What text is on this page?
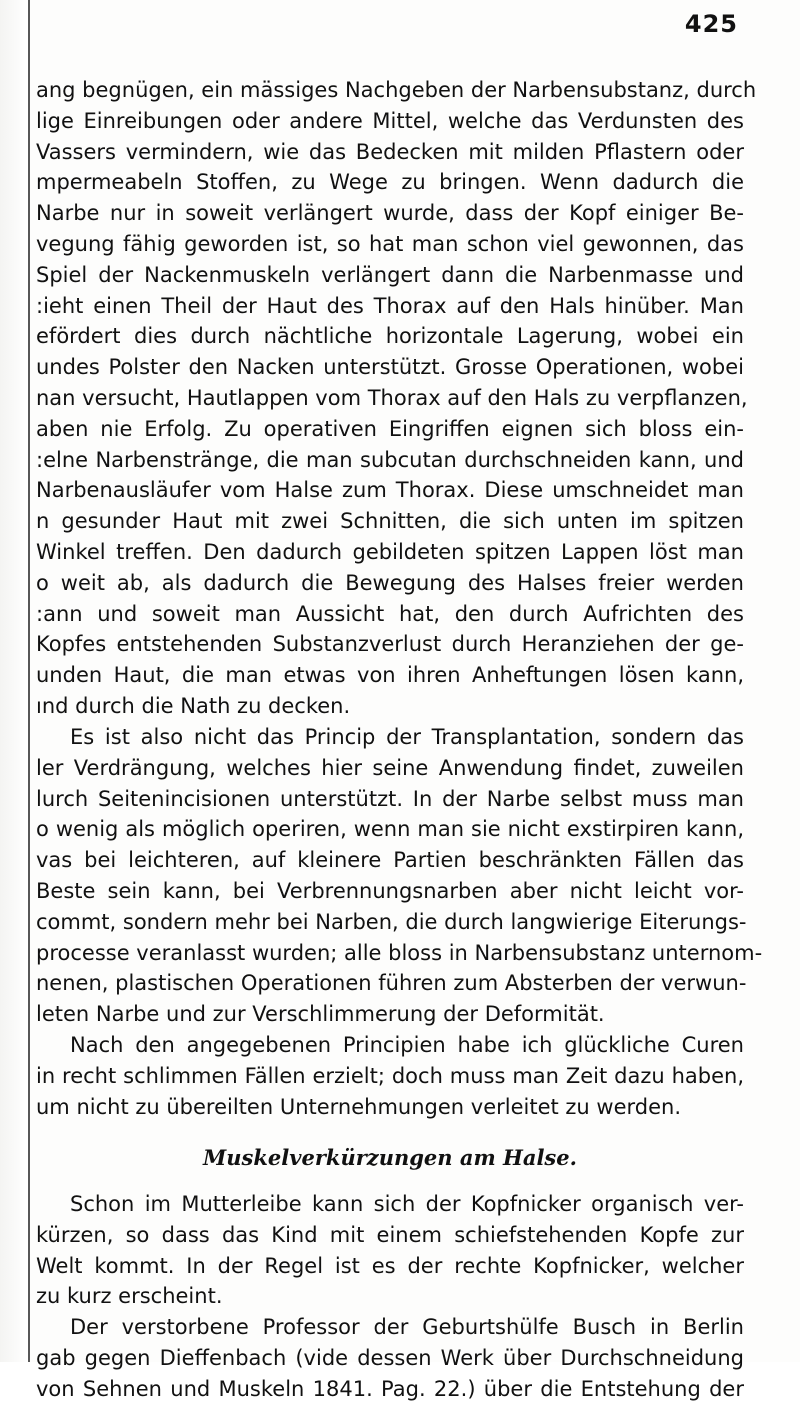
425
ang begnügen, ein mässiges Nachgeben der Narbensubstanz, durch
lige Einreibungen oder andere Mittel, welche das Verdunsten des
Vassers vermindern, wie das Bedecken mit milden Pflastern oder
mpermeabeln Stoffen, zu Wege zu bringen. Wenn dadurch die
Narbe nur in soweit verlängert wurde, dass der Kopf einiger Be-
vegung fähig geworden ist, so hat man schon viel gewonnen, das
Spiel der Nackenmuskeln verlängert dann die Narbenmasse und
:ieht einen Theil der Haut des Thorax auf den Hals hinüber. Man
efördert dies durch nächtliche horizontale Lagerung, wobei ein
undes Polster den Nacken unterstützt. Grosse Operationen, wobei
nan versucht, Hautlappen vom Thorax auf den Hals zu verpflanzen,
aben nie Erfolg. Zu operativen Eingriffen eignen sich bloss ein-
:elne Narbenstränge, die man subcutan durchschneiden kann, und
Narbenausläufer vom Halse zum Thorax. Diese umschneidet man
n gesunder Haut mit zwei Schnitten, die sich unten im spitzen
Winkel treffen. Den dadurch gebildeten spitzen Lappen löst man
o weit ab, als dadurch die Bewegung des Halses freier werden
:ann und soweit man Aussicht hat, den durch Aufrichten des
Kopfes entstehenden Substanzverlust durch Heranziehen der ge-
unden Haut, die man etwas von ihren Anheftungen lösen kann,
ınd durch die Nath zu decken.
Es ist also nicht das Princip der Transplantation, sondern das
ler Verdrängung, welches hier seine Anwendung findet, zuweilen
lurch Seitenincisionen unterstützt. In der Narbe selbst muss man
o wenig als möglich operiren, wenn man sie nicht exstirpiren kann,
vas bei leichteren, auf kleinere Partien beschränkten Fällen das
Beste sein kann, bei Verbrennungsnarben aber nicht leicht vor-
commt, sondern mehr bei Narben, die durch langwierige Eiterungs-
processe veranlasst wurden; alle bloss in Narbensubstanz unternom-
nenen, plastischen Operationen führen zum Absterben der verwun-
leten Narbe und zur Verschlimmerung der Deformität.
Nach den angegebenen Principien habe ich glückliche Curen
in recht schlimmen Fällen erzielt; doch muss man Zeit dazu haben,
um nicht zu übereilten Unternehmungen verleitet zu werden.
Muskelverkürzungen am Halse.
Schon im Mutterleibe kann sich der Kopfnicker organisch ver-
kürzen, so dass das Kind mit einem schiefstehenden Kopfe zur
Welt kommt. In der Regel ist es der rechte Kopfnicker, welcher
zu kurz erscheint.
Der verstorbene Professor der Geburtshülfe Busch in Berlin
gab gegen Dieffenbach (vide dessen Werk über Durchschneidung
von Sehnen und Muskeln 1841. Pag. 22.) über die Entstehung der
